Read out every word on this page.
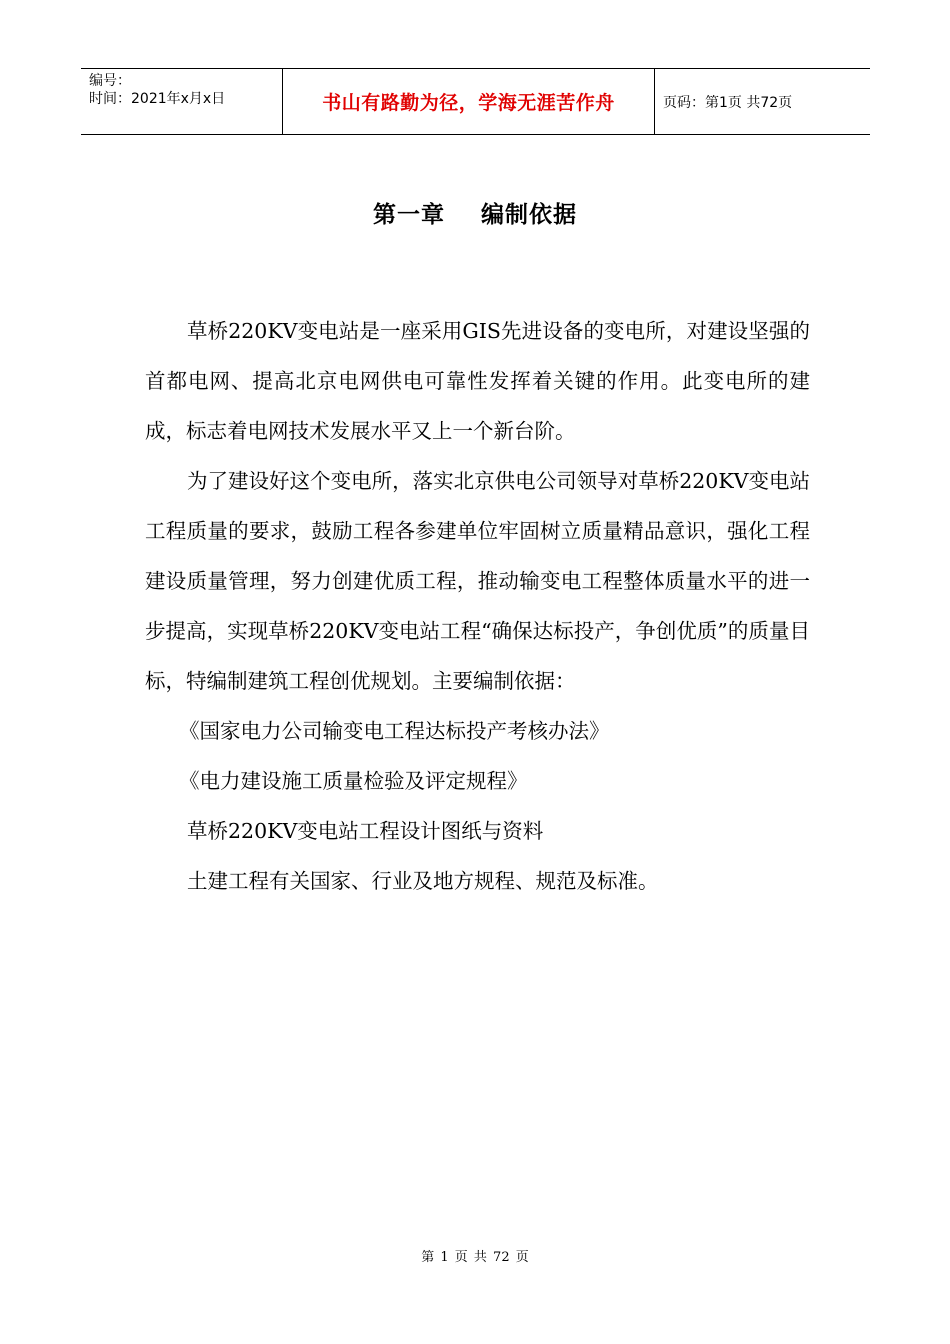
编号：
时间：2021年x月x日	书山有路勤为径，学海无涯苦作舟	页码：第1页 共72页
第一章    编制依据

草桥220KV变电站是一座采用GIS先进设备的变电所，对建设坚强的首都电网、提高北京电网供电可靠性发挥着关键的作用。此变电所的建成，标志着电网技术发展水平又上一个新台阶。

为了建设好这个变电所，落实北京供电公司领导对草桥220KV变电站工程质量的要求，鼓励工程各参建单位牢固树立质量精品意识，强化工程建设质量管理，努力创建优质工程，推动输变电工程整体质量水平的进一步提高，实现草桥220KV变电站工程“确保达标投产，争创优质”的质量目标，特编制建筑工程创优规划。主要编制依据：

《国家电力公司输变电工程达标投产考核办法》

《电力建设施工质量检验及评定规程》

草桥220KV变电站工程设计图纸与资料

土建工程有关国家、行业及地方规程、规范及标准。

第 1 页 共 72 页
